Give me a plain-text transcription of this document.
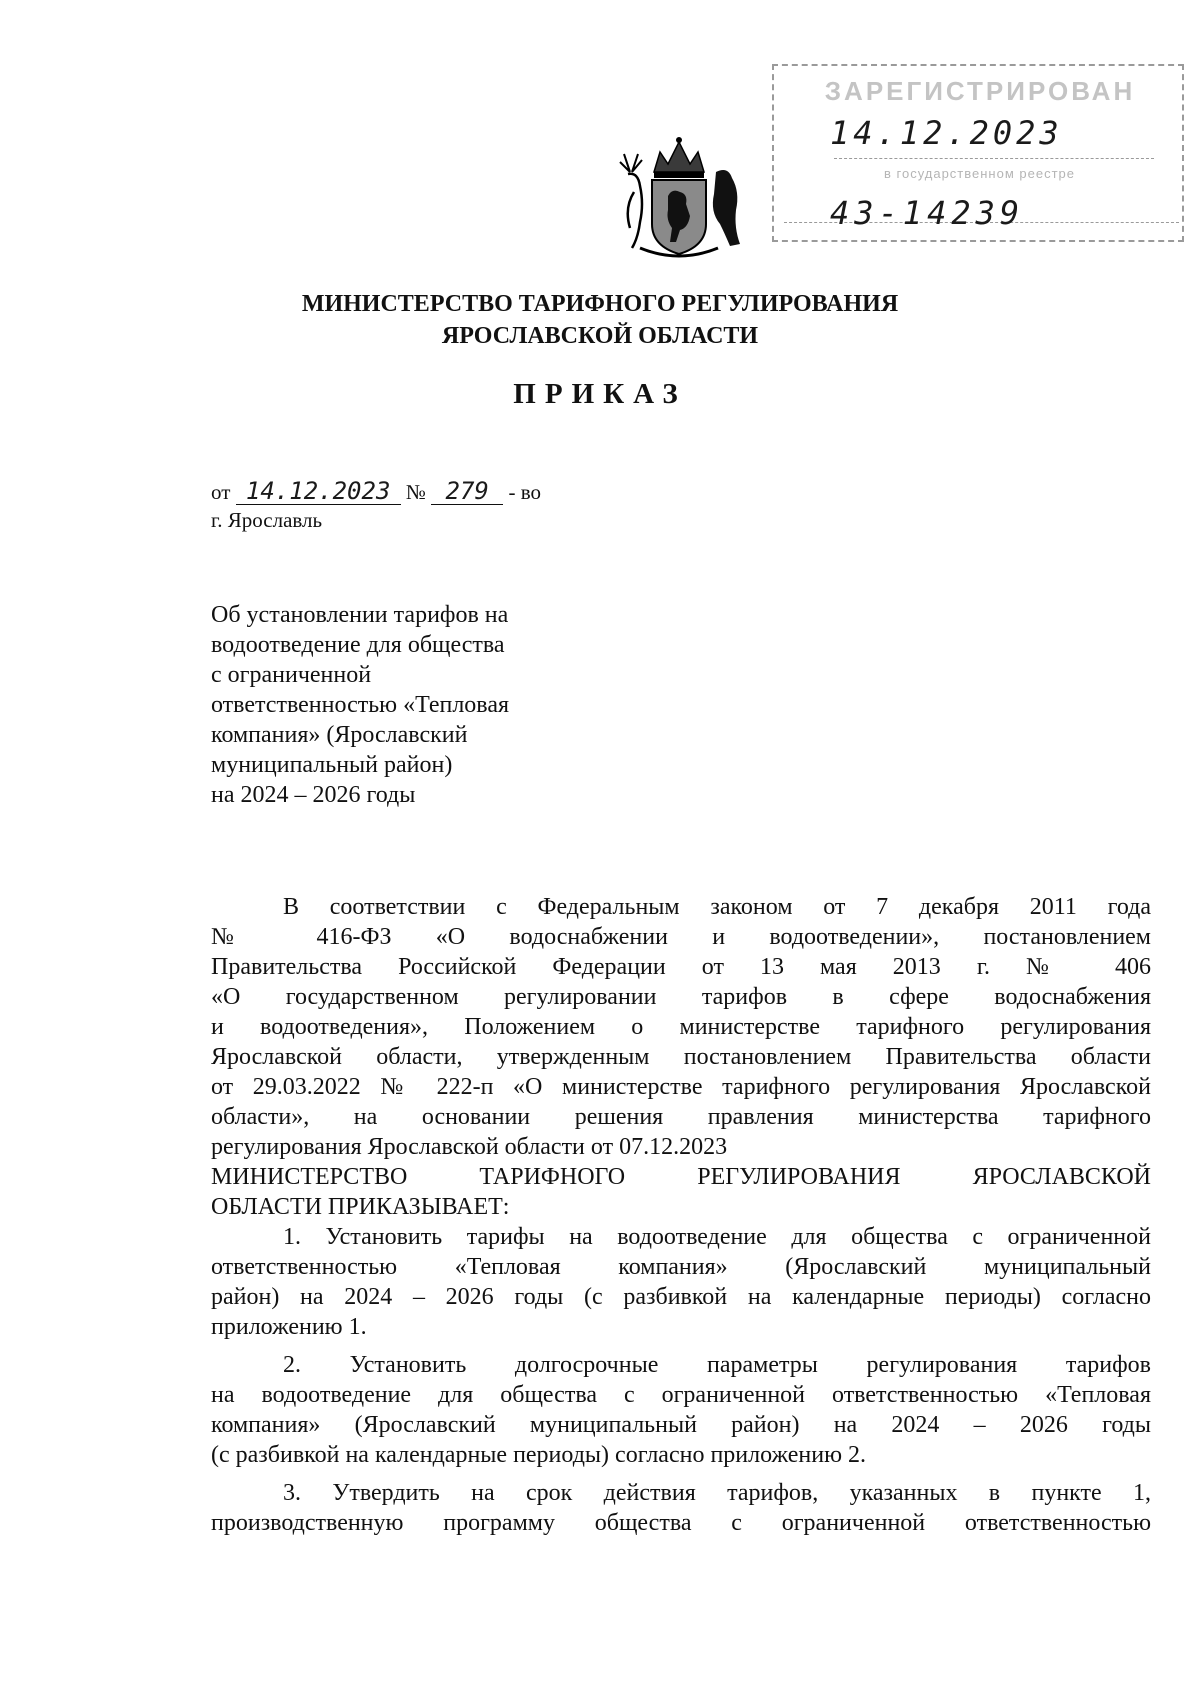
ЗАРЕГИСТРИРОВАН
в государственном реестре
14.12.2023
43-14239
МИНИСТЕРСТВО ТАРИФНОГО РЕГУЛИРОВАНИЯ
ЯРОСЛАВСКОЙ ОБЛАСТИ
ПРИКАЗ
от 14.12.2023 № 279 - во
г. Ярославль

Об установлении тарифов на
водоотведение для общества
с ограниченной
ответственностью «Тепловая
компания» (Ярославский
муниципальный район)
на 2024 – 2026 годы

В соответствии с Федеральным законом от 7 декабря 2011 года
№ 416-ФЗ «О водоснабжении и водоотведении», постановлением
Правительства Российской Федерации от 13 мая 2013 г. № 406
«О государственном регулировании тарифов в сфере водоснабжения
и водоотведения», Положением о министерстве тарифного регулирования
Ярославской области, утвержденным постановлением Правительства области
от 29.03.2022 № 222-п «О министерстве тарифного регулирования Ярославской
области», на основании решения правления министерства тарифного
регулирования Ярославской области от 07.12.2023

МИНИСТЕРСТВО ТАРИФНОГО РЕГУЛИРОВАНИЯ ЯРОСЛАВСКОЙ
ОБЛАСТИ ПРИКАЗЫВАЕТ:

1. Установить тарифы на водоотведение для общества с ограниченной
ответственностью «Тепловая компания» (Ярославский муниципальный
район) на 2024 – 2026 годы (с разбивкой на календарные периоды) согласно
приложению 1.

2. Установить долгосрочные параметры регулирования тарифов
на водоотведение для общества с ограниченной ответственностью «Тепловая
компания» (Ярославский муниципальный район) на 2024 – 2026 годы
(с разбивкой на календарные периоды) согласно приложению 2.

3. Утвердить на срок действия тарифов, указанных в пункте 1,
производственную программу общества с ограниченной ответственностью
